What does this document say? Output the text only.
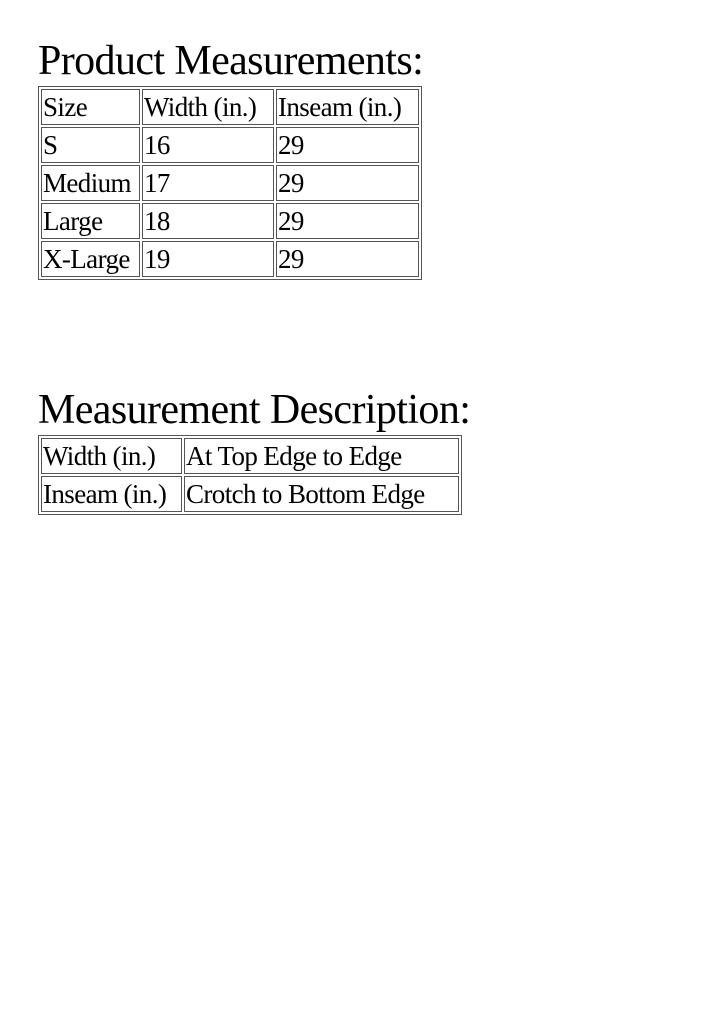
Product Measurements:
Size	Width (in.)	Inseam (in.)
S	16	29
Medium	17	29
Large	18	29
X-Large	19	29
Measurement Description:
Width (in.)	At Top Edge to Edge
Inseam (in.)	Crotch to Bottom Edge
